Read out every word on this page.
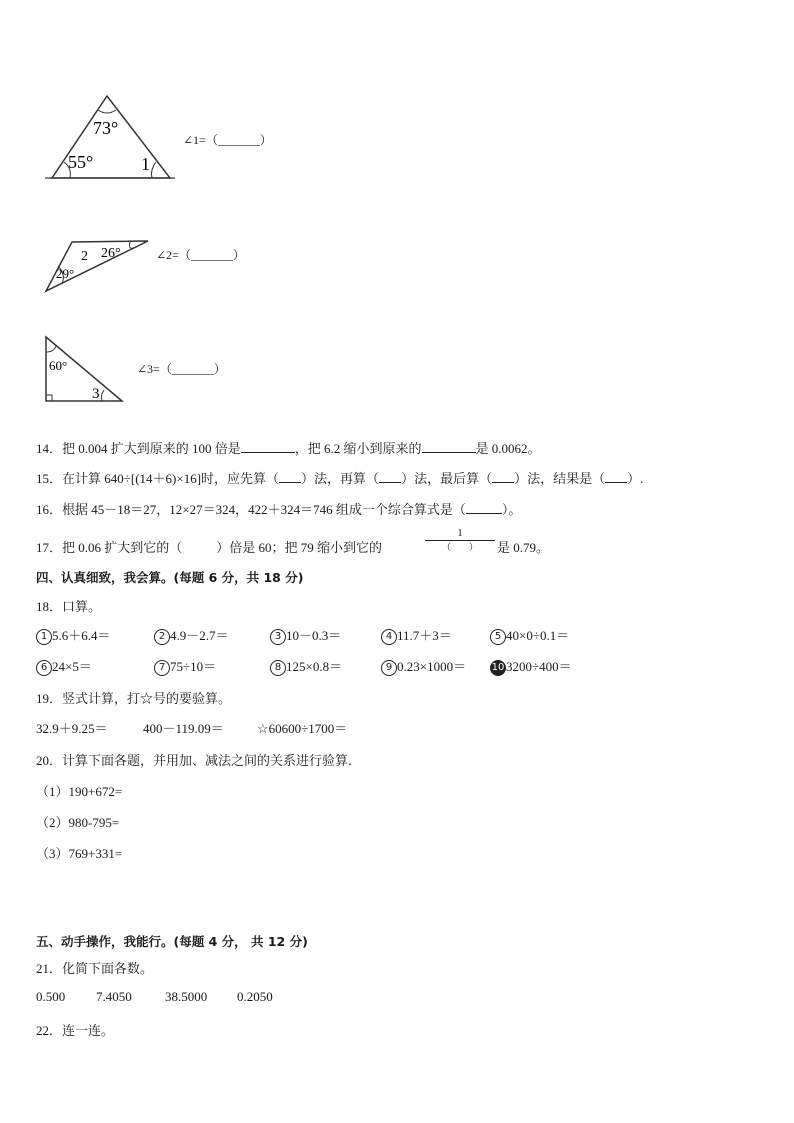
73°
55°	1
∠1=（_______）
2 26°
29°
∠2=（_______）
60°
3
∠3=（_______）
14．把 0.004 扩大到原来的 100 倍是	，把 6.2 缩小到原来的	是 0.0062。
15．在计算 640÷[(14＋6)×16]时，应先算（ ）法，再算（ ）法，最后算（ ）法，结果是（ ）.
16．根据 45－18＝27，12×27＝324，422＋324＝746 组成一个综合算式是（	）。
17．把 0.06 扩大到它的（	）倍是 60；把 79 缩小到它的
1
（　　）	是 0.79。
四、认真细致，我会算。(每题 6 分，共 18 分)
18．口算。
1 5.6＋6.4＝	2 4.9－2.7＝	3 10－0.3＝	4 11.7＋3＝	5 40×0÷0.1＝
6 24×5＝	7 75÷10＝	8 125×0.8＝	9 0.23×1000＝	10 3200÷400＝
19．竖式计算，打☆号的要验算。
32.9＋9.25＝	400－119.09＝	☆60600÷1700＝
20．计算下面各题，并用加、减法之间的关系进行验算．
（1）190+672=
（2）980-795=
（3）769+331=
五、动手操作，我能行。(每题 4 分， 共 12 分)
21．化简下面各数。
0.500 7.4050	38.5000 0.2050
22．连一连。
